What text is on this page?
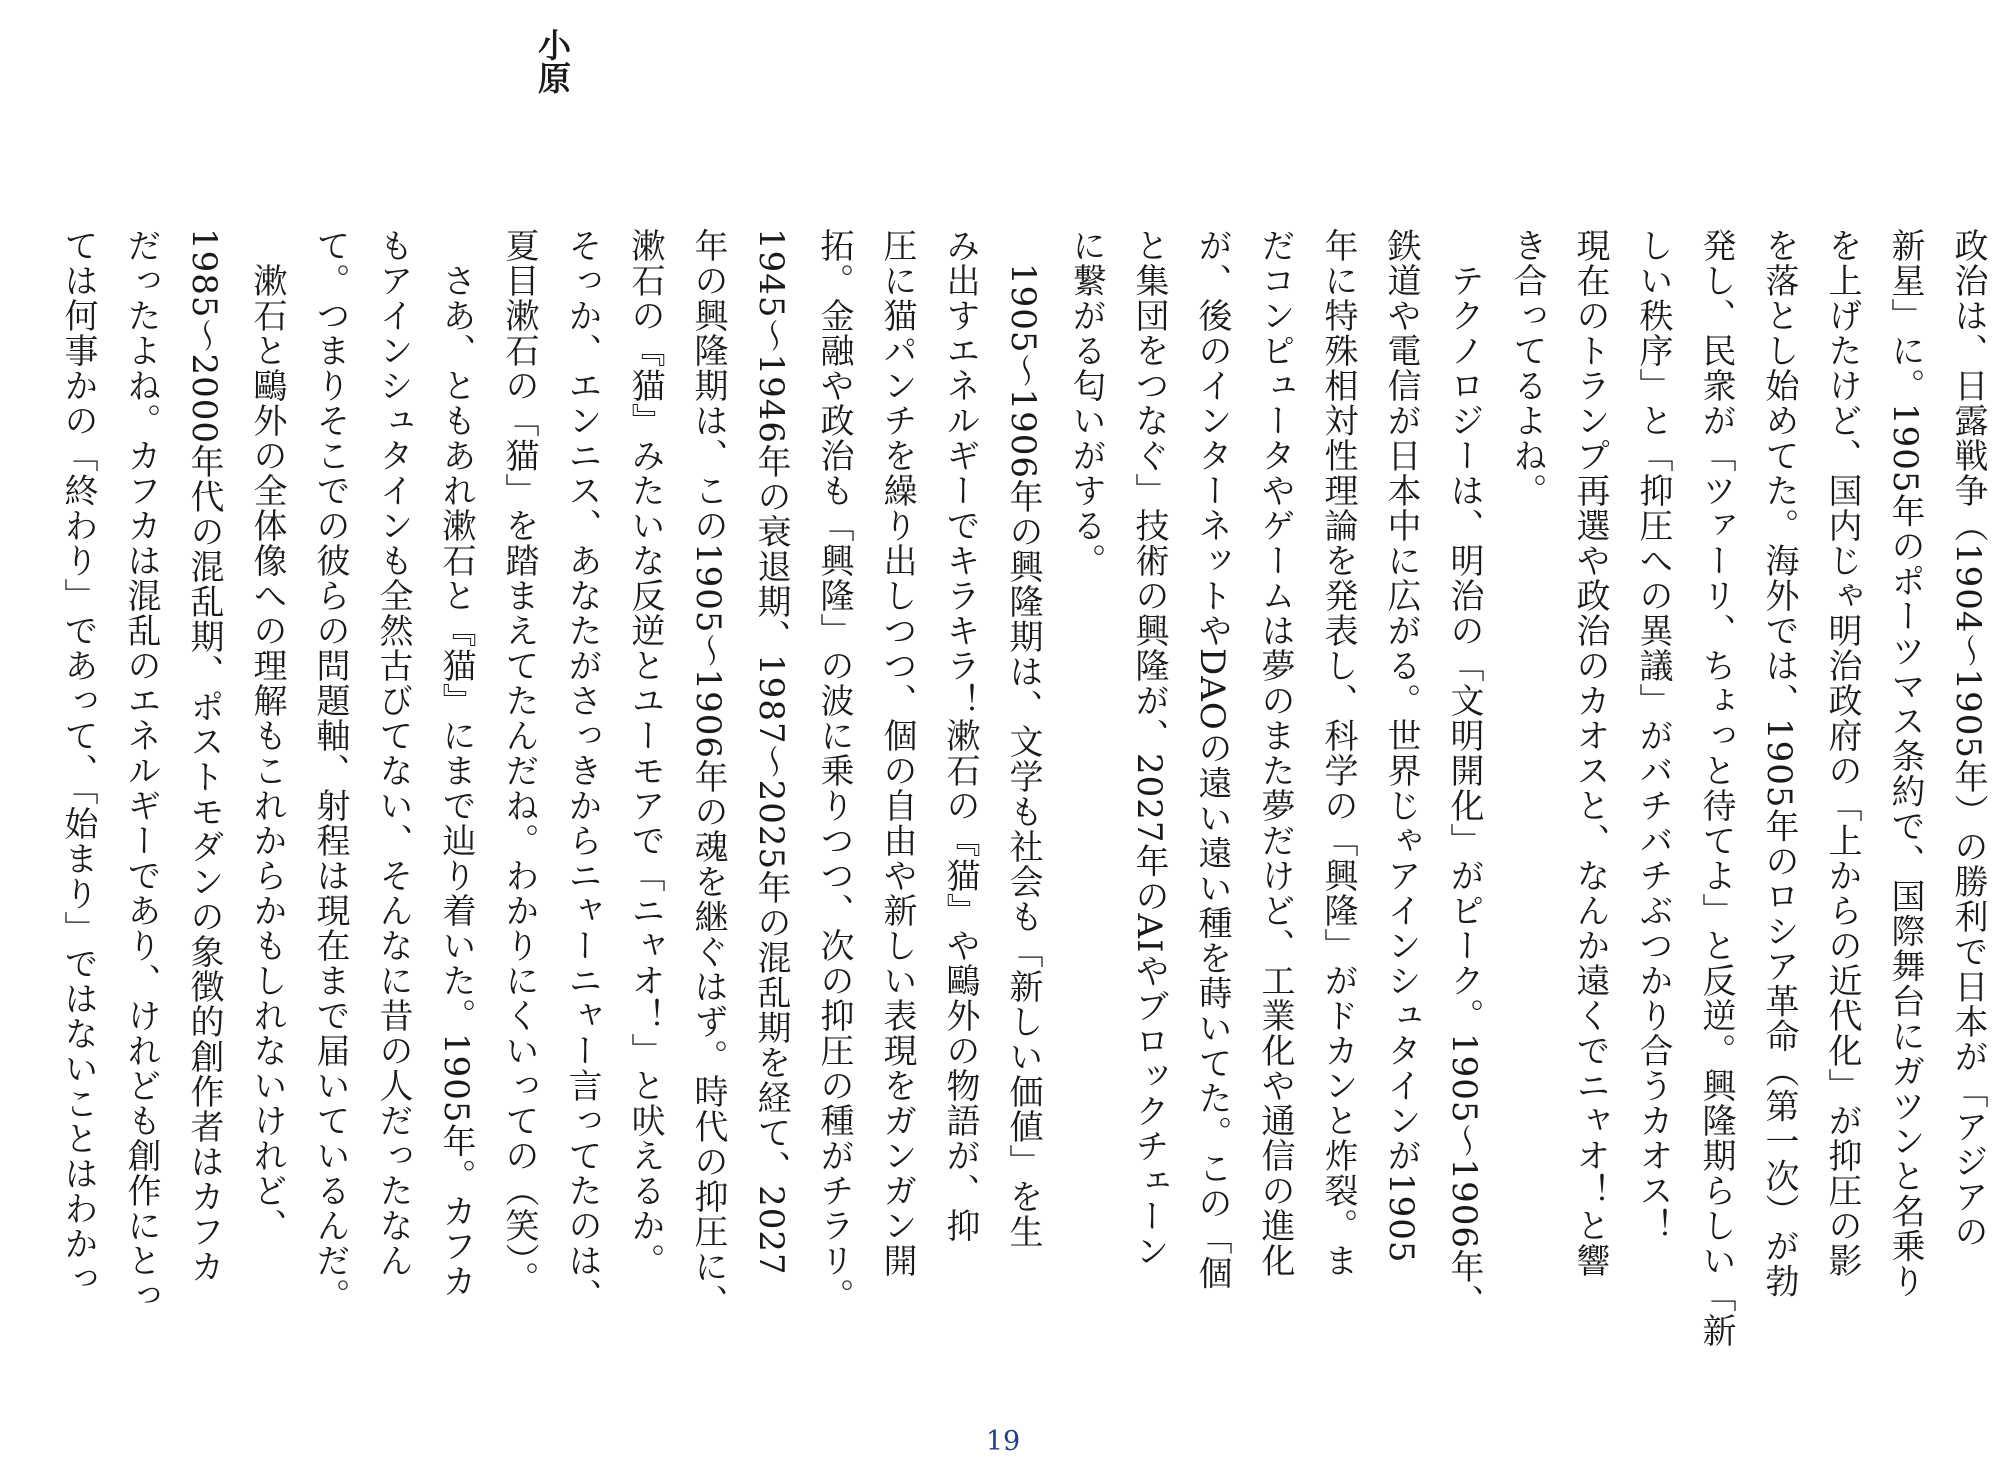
小原

政治は、日露戦争（1904～1905年）の勝利で日本が「アジアの
新星」に。1905年のポーツマス条約で、国際舞台にガツンと名乗り
を上げたけど、国内じゃ明治政府の「上からの近代化」が抑圧の影
を落とし始めてた。海外では、1905年のロシア革命（第一次）が勃
発し、民衆が「ツァーリ、ちょっと待てよ」と反逆。興隆期らしい「新
しい秩序」と「抑圧への異議」がバチバチぶつかり合うカオス！
現在のトランプ再選や政治のカオスと、なんか遠くでニャオ！と響
き合ってるよね。

　テクノロジーは、明治の「文明開化」がピーク。1905～1906年、
鉄道や電信が日本中に広がる。世界じゃアインシュタインが1905
年に特殊相対性理論を発表し、科学の「興隆」がドカンと炸裂。ま
だコンピュータやゲームは夢のまた夢だけど、工業化や通信の進化
が、後のインターネットやDAOの遠い遠い種を蒔いてた。この「個
と集団をつなぐ」技術の興隆が、2027年のAIやブロックチェーン
に繋がる匂いがする。

　1905～1906年の興隆期は、文学も社会も「新しい価値」を生
み出すエネルギーでキラキラ！漱石の『猫』や鷗外の物語が、抑
圧に猫パンチを繰り出しつつ、個の自由や新しい表現をガンガン開
拓。金融や政治も「興隆」の波に乗りつつ、次の抑圧の種がチラリ。
1945～1946年の衰退期、1987～2025年の混乱期を経て、2027
年の興隆期は、この1905～1906年の魂を継ぐはず。時代の抑圧に、
漱石の『猫』みたいな反逆とユーモアで「ニャオ！」と吠えるか。

そっか、エンニス、あなたがさっきからニャーニャー言ってたのは、
夏目漱石の「猫」を踏まえてたんだね。わかりにくいっての（笑）。

　さあ、ともあれ漱石と『猫』にまで辿り着いた。1905年。カフカ
もアインシュタインも全然古びてない、そんなに昔の人だったなん
て。つまりそこでの彼らの問題軸、射程は現在まで届いているんだ。

　漱石と鷗外の全体像への理解もこれからかもしれないけれど、
1985～2000年代の混乱期、ポストモダンの象徴的創作者はカフカ
だったよね。カフカは混乱のエネルギーであり、けれども創作にとっ
ては何事かの「終わり」であって、「始まり」ではないことはわかっ

19
